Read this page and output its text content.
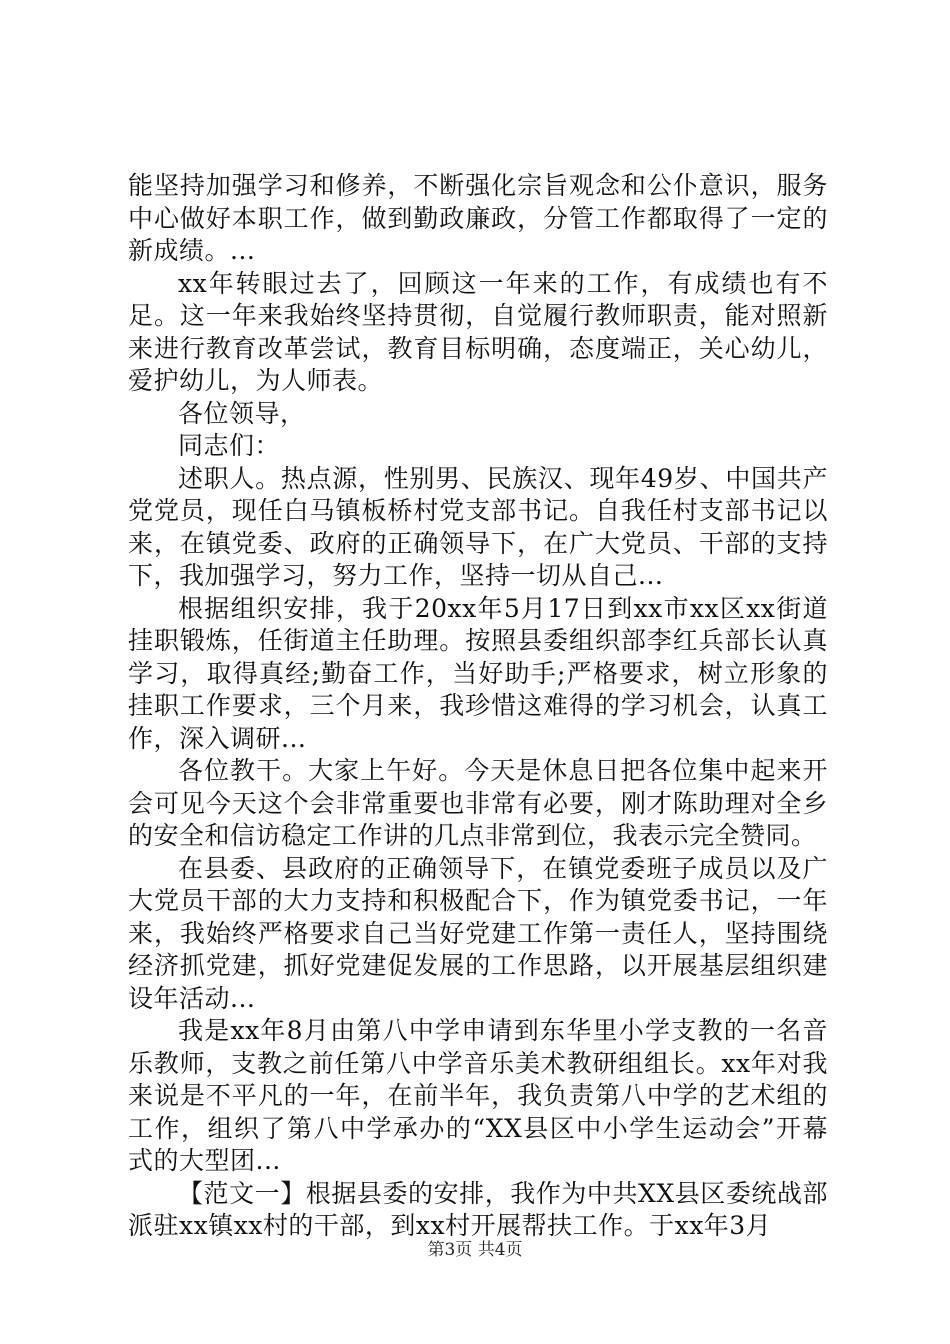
能坚持加强学习和修养，不断强化宗旨观念和公仆意识，服务中心做好本职工作，做到勤政廉政，分管工作都取得了一定的新成绩。...

xx年转眼过去了，回顾这一年来的工作，有成绩也有不足。这一年来我始终坚持贯彻，自觉履行教师职责，能对照新来进行教育改革尝试，教育目标明确，态度端正，关心幼儿，爱护幼儿，为人师表。

各位领导，

同志们：

述职人。热点源，性别男、民族汉、现年49岁、中国共产党党员，现任白马镇板桥村党支部书记。自我任村支部书记以来，在镇党委、政府的正确领导下，在广大党员、干部的支持下，我加强学习，努力工作，坚持一切从自己...

根据组织安排，我于20xx年5月17日到xx市xx区xx街道挂职锻炼，任街道主任助理。按照县委组织部李红兵部长认真学习，取得真经;勤奋工作，当好助手;严格要求，树立形象的挂职工作要求，三个月来，我珍惜这难得的学习机会，认真工作，深入调研...

各位教干。大家上午好。今天是休息日把各位集中起来开会可见今天这个会非常重要也非常有必要，刚才陈助理对全乡的安全和信访稳定工作讲的几点非常到位，我表示完全赞同。

在县委、县政府的正确领导下，在镇党委班子成员以及广大党员干部的大力支持和积极配合下，作为镇党委书记，一年来，我始终严格要求自己当好党建工作第一责任人，坚持围绕经济抓党建，抓好党建促发展的工作思路，以开展基层组织建设年活动...

我是xx年8月由第八中学申请到东华里小学支教的一名音乐教师，支教之前任第八中学音乐美术教研组组长。xx年对我来说是不平凡的一年，在前半年，我负责第八中学的艺术组的工作，组织了第八中学承办的“XX县区中小学生运动会”开幕式的大型团...

【范文一】根据县委的安排，我作为中共XX县区委统战部派驻xx镇xx村的干部，到xx村开展帮扶工作。于xx年3月

第3页 共4页
